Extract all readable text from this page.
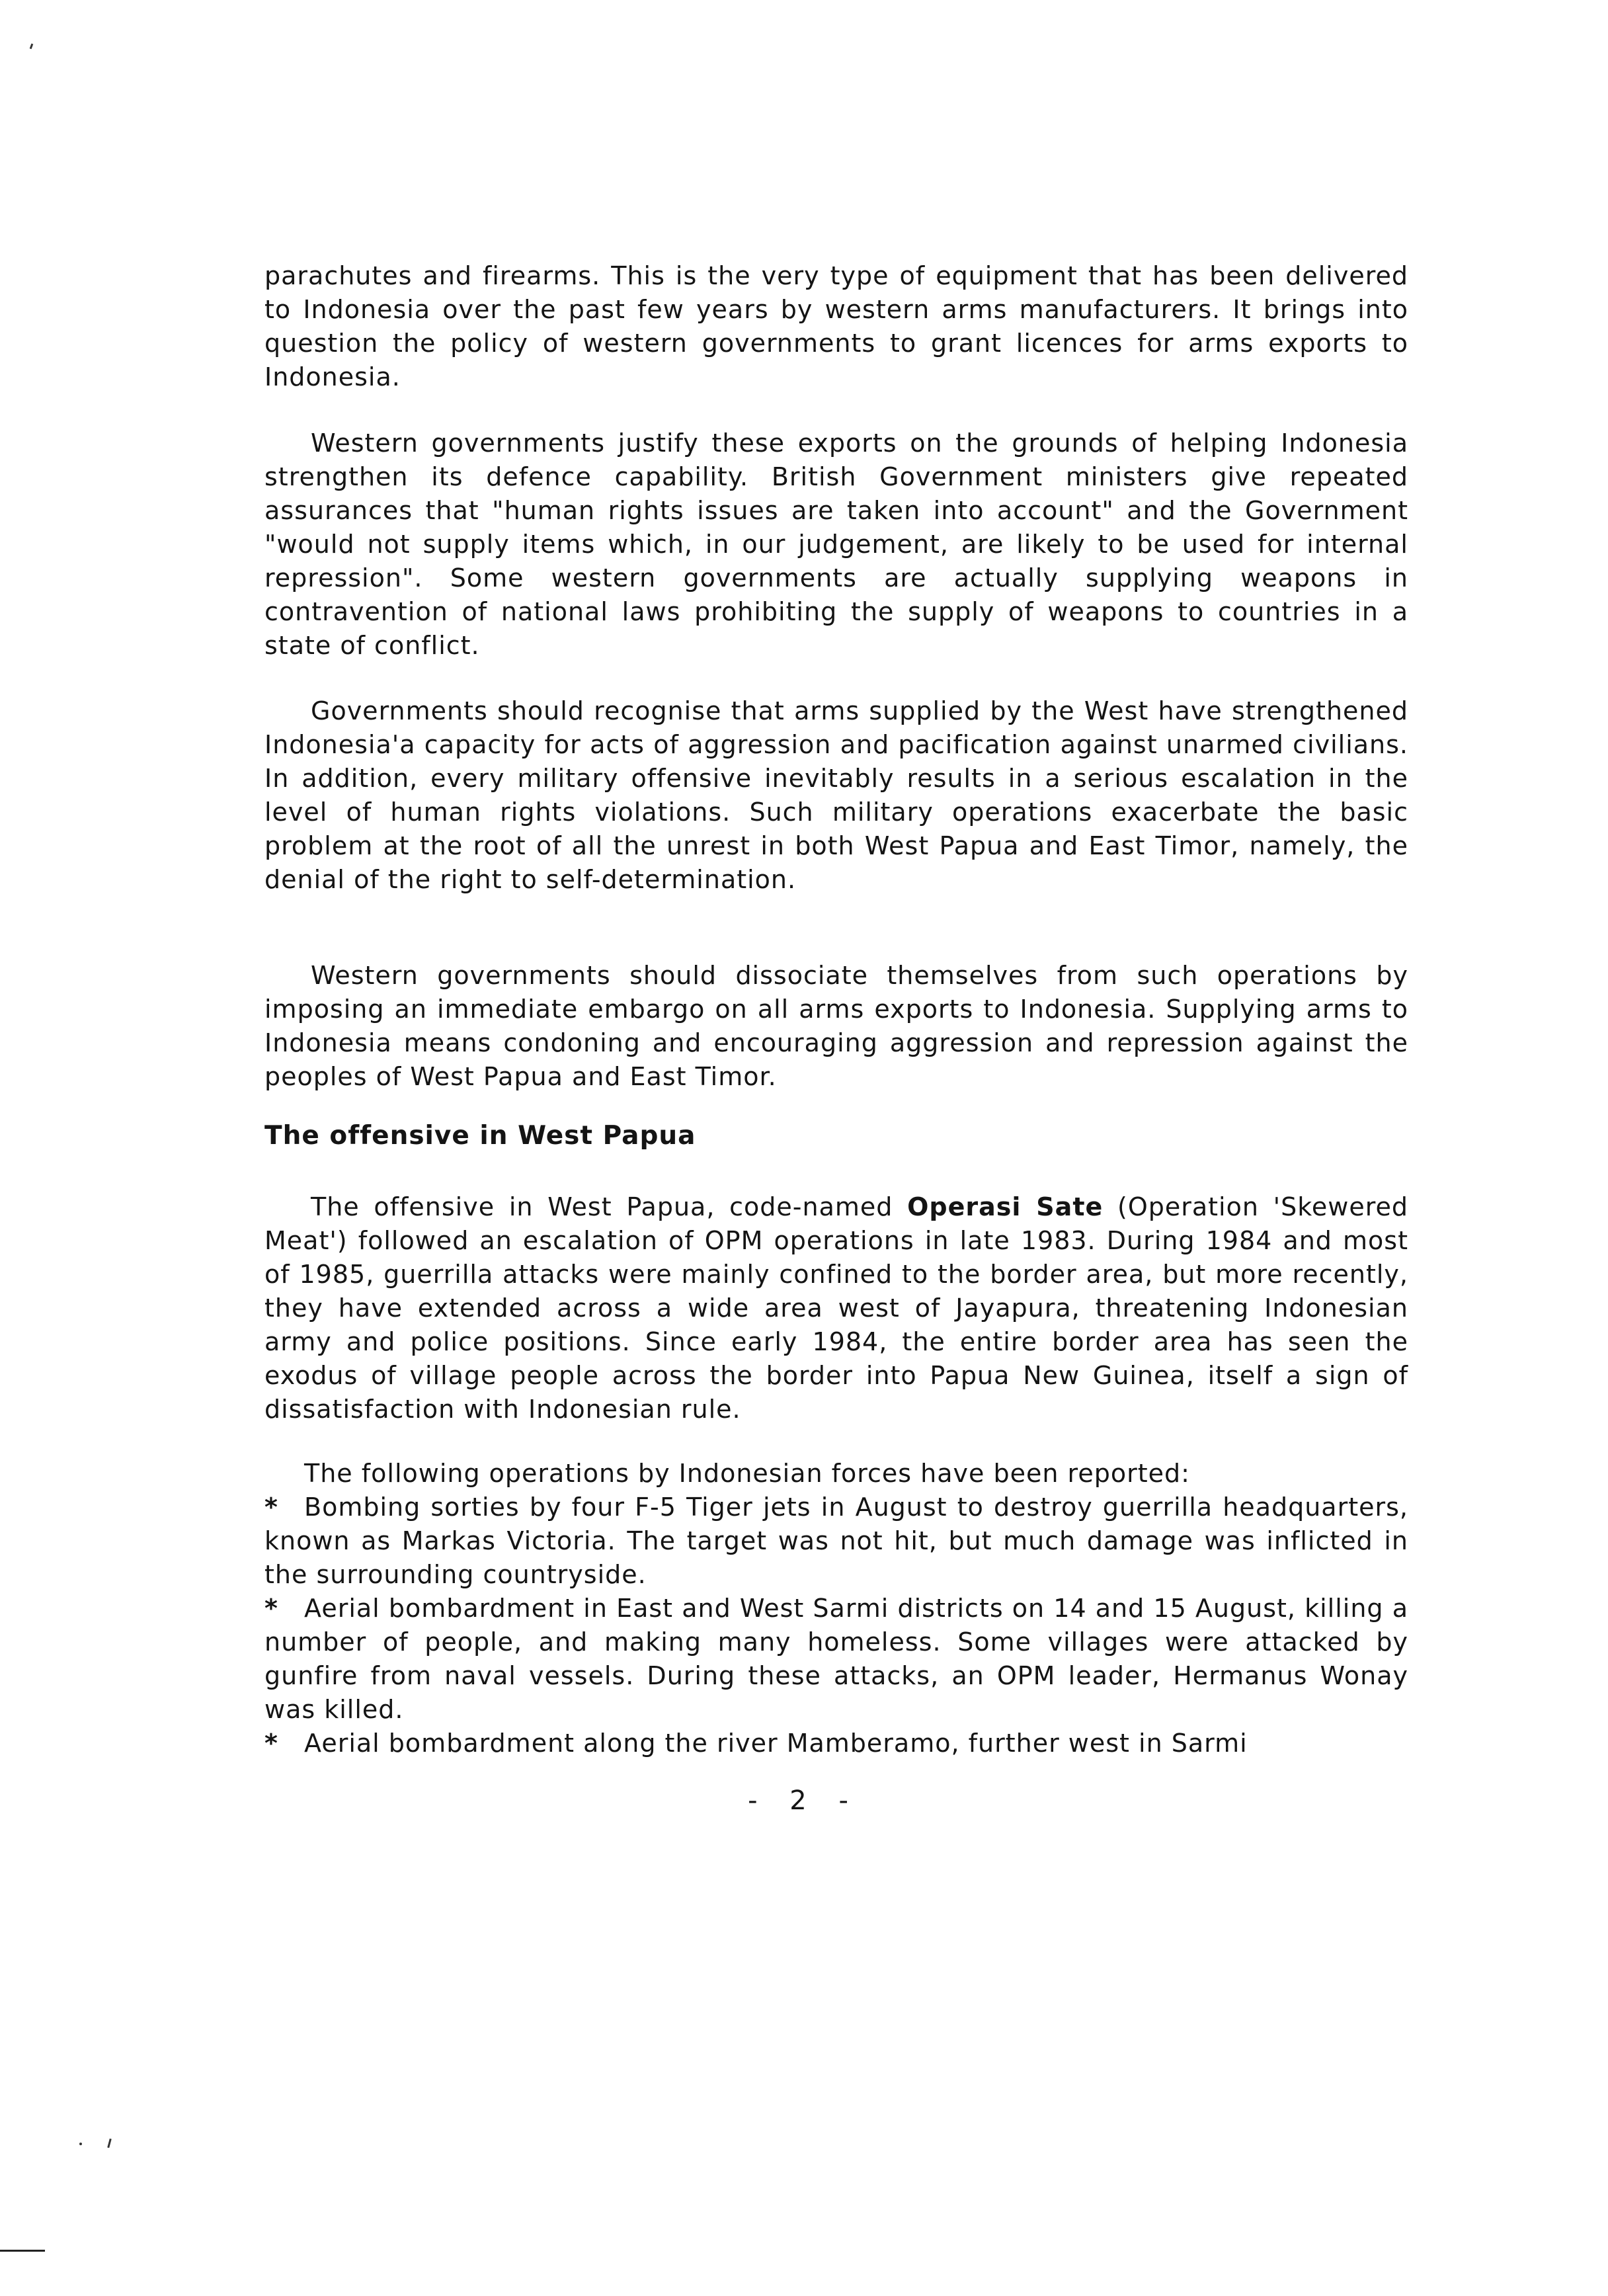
parachutes and firearms. This is the very type of equipment that has been delivered to Indonesia over the past few years by western arms manufacturers. It brings into question the policy of western governments to grant licences for arms exports to Indonesia.

Western governments justify these exports on the grounds of helping Indonesia strengthen its defence capability. British Government ministers give repeated assurances that "human rights issues are taken into account" and the Government "would not supply items which, in our judgement, are likely to be used for internal repression". Some western governments are actually supplying weapons in contravention of national laws prohibiting the supply of weapons to countries in a state of conflict.

Governments should recognise that arms supplied by the West have strengthened Indonesia'a capacity for acts of aggression and pacification against unarmed civilians. In addition, every military offensive inevitably results in a serious escalation in the level of human rights violations. Such military operations exacerbate the basic problem at the root of all the unrest in both West Papua and East Timor, namely, the denial of the right to self-determination.

Western governments should dissociate themselves from such operations by imposing an immediate embargo on all arms exports to Indonesia. Supplying arms to Indonesia means condoning and encouraging aggression and repression against the peoples of West Papua and East Timor.

The offensive in West Papua

The offensive in West Papua, code-named Operasi Sate (Operation 'Skewered Meat') followed an escalation of OPM operations in late 1983. During 1984 and most of 1985, guerrilla attacks were mainly confined to the border area, but more recently, they have extended across a wide area west of Jayapura, threatening Indonesian army and police positions. Since early 1984, the entire border area has seen the exodus of village people across the border into Papua New Guinea, itself a sign of dissatisfaction with Indonesian rule.

The following operations by Indonesian forces have been reported:
* Bombing sorties by four F-5 Tiger jets in August to destroy guerrilla headquarters, known as Markas Victoria. The target was not hit, but much damage was inflicted in the surrounding countryside.
* Aerial bombardment in East and West Sarmi districts on 14 and 15 August, killing a number of people, and making many homeless. Some villages were attacked by gunfire from naval vessels. During these attacks, an OPM leader, Hermanus Wonay was killed.
* Aerial bombardment along the river Mamberamo, further west in Sarmi

- 2 -
